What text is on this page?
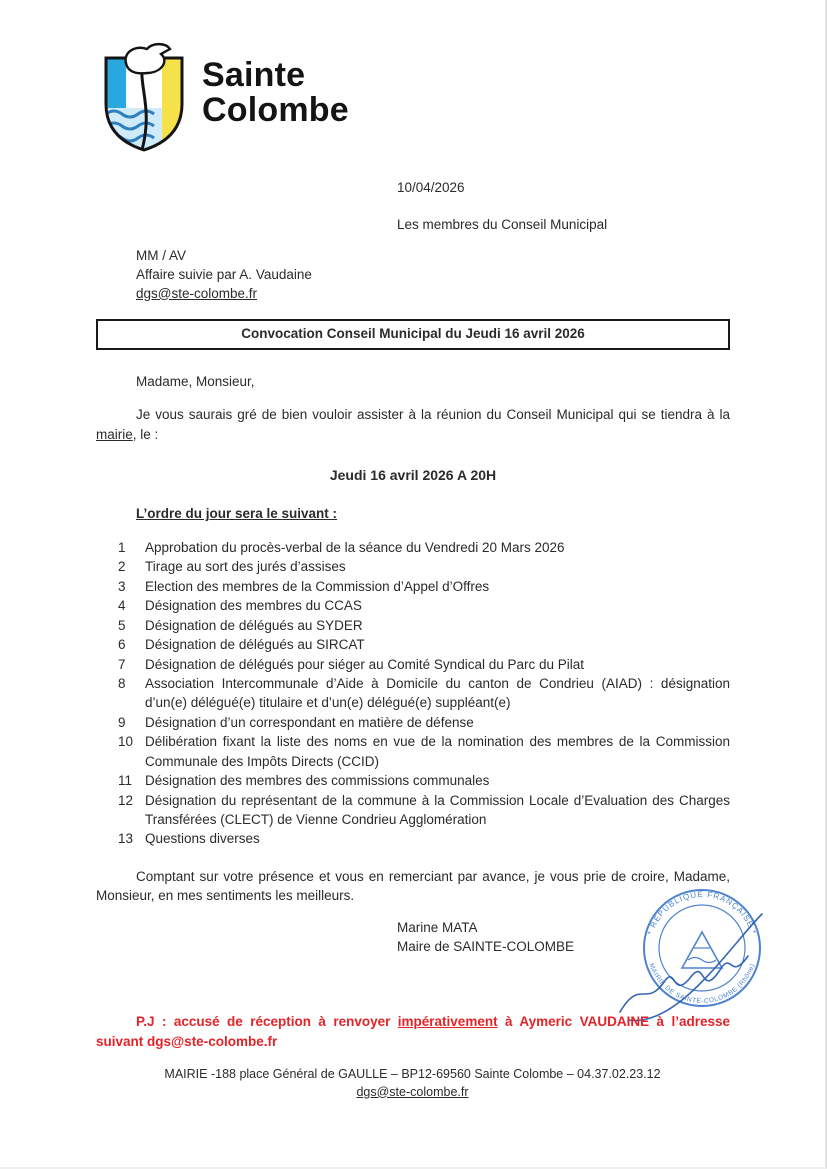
Sainte
Colombe
10/04/2026
Les membres du Conseil Municipal
MM / AV
Affaire suivie par A. Vaudaine
dgs@ste-colombe.fr
Convocation Conseil Municipal du Jeudi 16 avril 2026
Madame, Monsieur,

Je vous saurais gré de bien vouloir assister à la réunion du Conseil Municipal qui se tiendra à la mairie, le :

Jeudi 16 avril 2026 A 20H
L’ordre du jour sera le suivant :
1	Approbation du procès-verbal de la séance du Vendredi 20 Mars 2026
2	Tirage au sort des jurés d’assises
3	Election des membres de la Commission d’Appel d’Offres
4	Désignation des membres du CCAS
5	Désignation de délégués au SYDER
6	Désignation de délégués au SIRCAT
7	Désignation de délégués pour siéger au Comité Syndical du Parc du Pilat
8	Association Intercommunale d’Aide à Domicile du canton de Condrieu (AIAD) : désignation d’un(e) délégué(e) titulaire et d’un(e) délégué(e) suppléant(e)
9	Désignation d’un correspondant en matière de défense
10 Délibération fixant la liste des noms en vue de la nomination des membres de la Commission Communale des Impôts Directs (CCID)
11 Désignation des membres des commissions communales
12 Désignation du représentant de la commune à la Commission Locale d’Evaluation des Charges Transférées (CLECT) de Vienne Condrieu Agglomération
13 Questions diverses

Comptant sur votre présence et vous en remerciant par avance, je vous prie de croire, Madame, Monsieur, en mes sentiments les meilleurs.

Marine MATA
Maire de SAINTE-COLOMBE
* RÉPUBLIQUE FRANÇAISE *
MAIRIE DE SAINTE-COLOMBE (Rhône)

P.J : accusé de réception à renvoyer impérativement à Aymeric VAUDAINE à l’adresse suivant dgs@ste-colombe.fr

MAIRIE -188 place Général de GAULLE – BP12-69560 Sainte Colombe – 04.37.02.23.12
dgs@ste-colombe.fr
